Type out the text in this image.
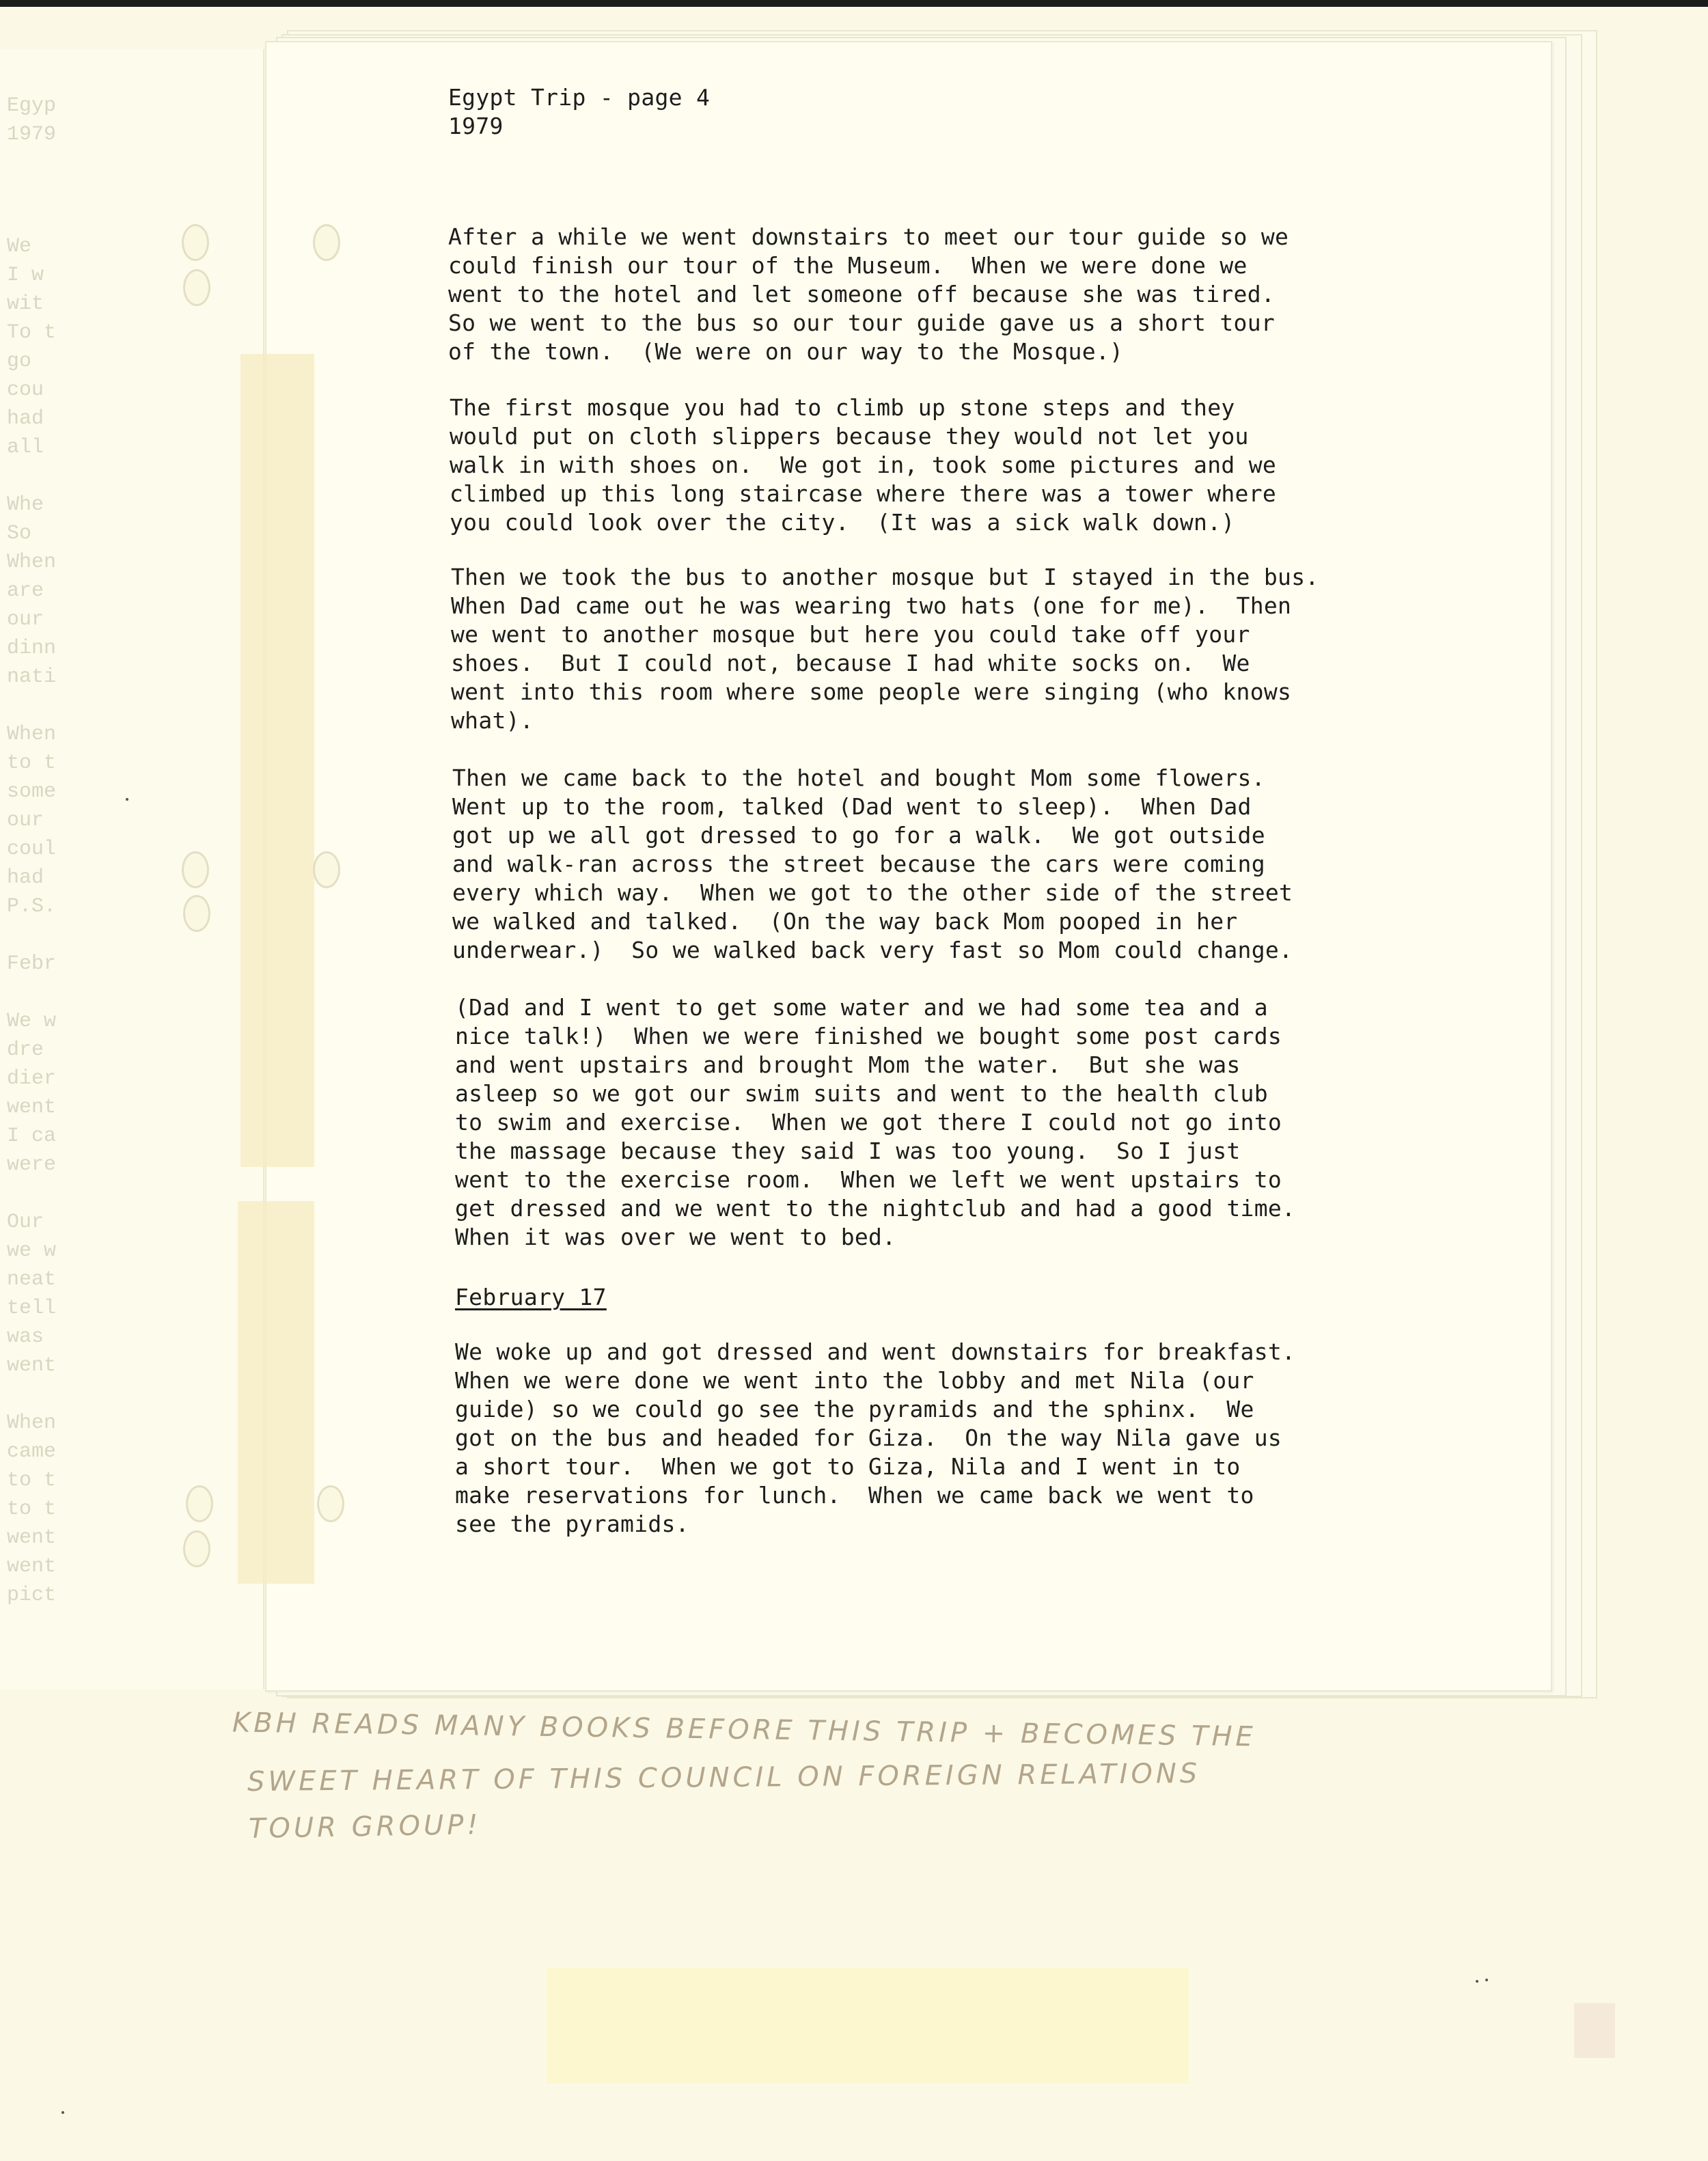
Egyp
1979
We
I w
wit
To t
go
cou
had
all

Whe
So
When
are
our
dinn
nati

When
to t
some
our
coul
had
P.S.

Febr

We w
dre
dier
went
I ca
were

Our
we w
neat
tell
was
went

When
came
to t
to t
went
went
pict
Egypt Trip - page 4
1979
After a while we went downstairs to meet our tour guide so we
could finish our tour of the Museum.  When we were done we
went to the hotel and let someone off because she was tired.
So we went to the bus so our tour guide gave us a short tour
of the town.  (We were on our way to the Mosque.)
The first mosque you had to climb up stone steps and they
would put on cloth slippers because they would not let you
walk in with shoes on.  We got in, took some pictures and we
climbed up this long staircase where there was a tower where
you could look over the city.  (It was a sick walk down.)
Then we took the bus to another mosque but I stayed in the bus.
When Dad came out he was wearing two hats (one for me).  Then
we went to another mosque but here you could take off your
shoes.  But I could not, because I had white socks on.  We
went into this room where some people were singing (who knows
what).
Then we came back to the hotel and bought Mom some flowers.
Went up to the room, talked (Dad went to sleep).  When Dad
got up we all got dressed to go for a walk.  We got outside
and walk-ran across the street because the cars were coming
every which way.  When we got to the other side of the street
we walked and talked.  (On the way back Mom pooped in her
underwear.)  So we walked back very fast so Mom could change.
(Dad and I went to get some water and we had some tea and a
nice talk!)  When we were finished we bought some post cards
and went upstairs and brought Mom the water.  But she was
asleep so we got our swim suits and went to the health club
to swim and exercise.  When we got there I could not go into
the massage because they said I was too young.  So I just
went to the exercise room.  When we left we went upstairs to
get dressed and we went to the nightclub and had a good time.
When it was over we went to bed.
February 17
We woke up and got dressed and went downstairs for breakfast.
When we were done we went into the lobby and met Nila (our
guide) so we could go see the pyramids and the sphinx.  We
got on the bus and headed for Giza.  On the way Nila gave us
a short tour.  When we got to Giza, Nila and I went in to
make reservations for lunch.  When we came back we went to
see the pyramids.
KBH READS MANY BOOKS BEFORE THIS TRIP + BECOMES THE
SWEET HEART OF THIS COUNCIL ON FOREIGN RELATIONS
TOUR GROUP!
